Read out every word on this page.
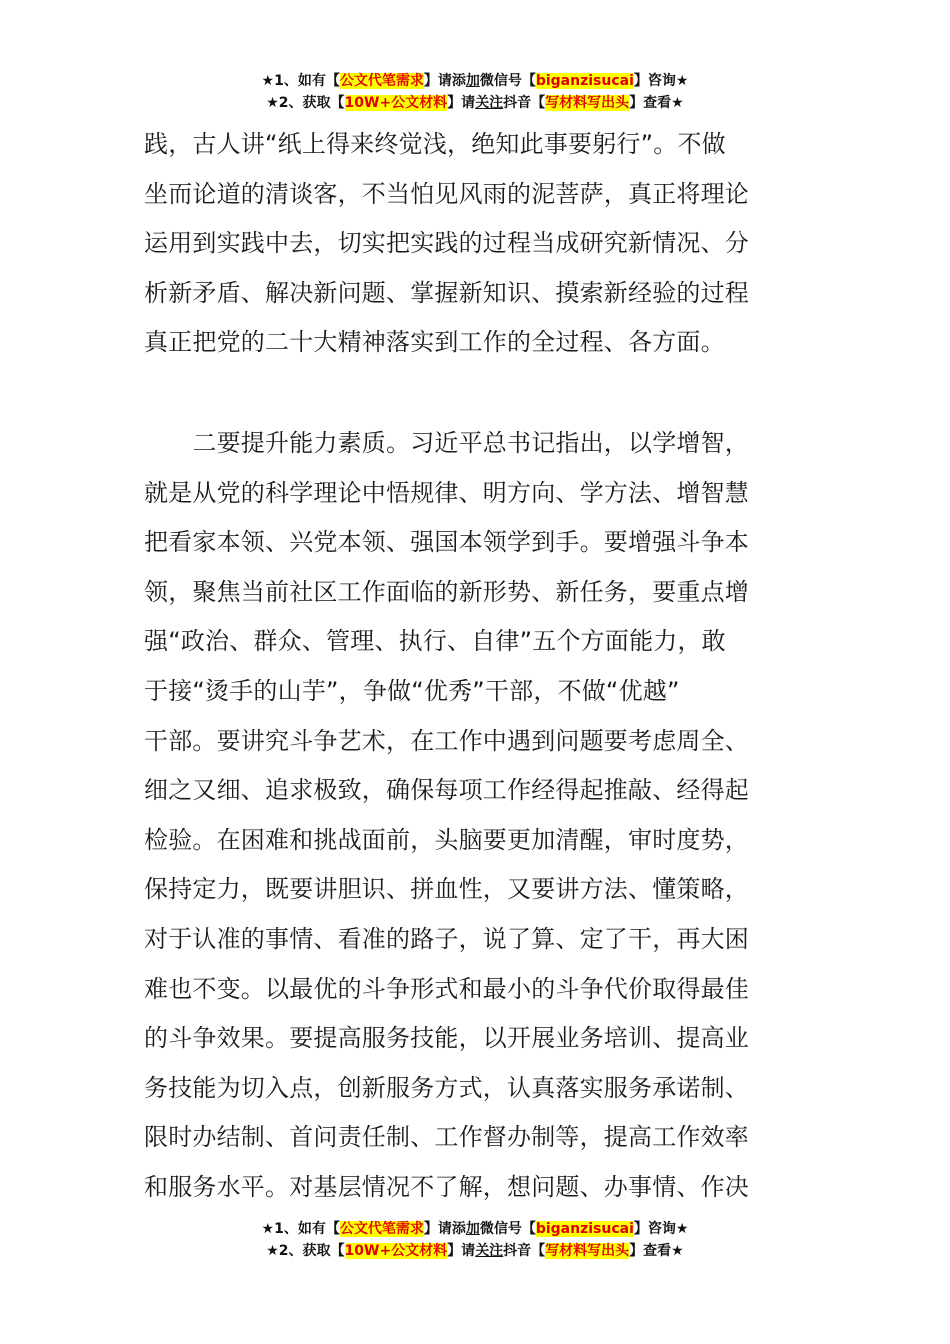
★1、如有【公文代笔需求】请添加微信号【biganzisucai】咨询★
★2、获取【10W+公文材料】请关注抖音【写材料写出头】查看★
践，古人讲“纸上得来终觉浅，绝知此事要躬行”。不做
坐而论道的清谈客，不当怕见风雨的泥菩萨，真正将理论
运用到实践中去，切实把实践的过程当成研究新情况、分
析新矛盾、解决新问题、掌握新知识、摸索新经验的过程
真正把党的二十大精神落实到工作的全过程、各方面。
　　二要提升能力素质。习近平总书记指出，以学增智，
就是从党的科学理论中悟规律、明方向、学方法、增智慧
把看家本领、兴党本领、强国本领学到手。要增强斗争本
领，聚焦当前社区工作面临的新形势、新任务，要重点增
强“政治、群众、管理、执行、自律”五个方面能力，敢
于接“烫手的山芋”，争做“优秀”干部，不做“优越”
干部。要讲究斗争艺术，在工作中遇到问题要考虑周全、
细之又细、追求极致，确保每项工作经得起推敲、经得起
检验。在困难和挑战面前，头脑要更加清醒，审时度势，
保持定力，既要讲胆识、拼血性，又要讲方法、懂策略，
对于认准的事情、看准的路子，说了算、定了干，再大困
难也不变。以最优的斗争形式和最小的斗争代价取得最佳
的斗争效果。要提高服务技能，以开展业务培训、提高业
务技能为切入点，创新服务方式，认真落实服务承诺制、
限时办结制、首问责任制、工作督办制等，提高工作效率
和服务水平。对基层情况不了解，想问题、办事情、作决
★1、如有【公文代笔需求】请添加微信号【biganzisucai】咨询★
★2、获取【10W+公文材料】请关注抖音【写材料写出头】查看★
